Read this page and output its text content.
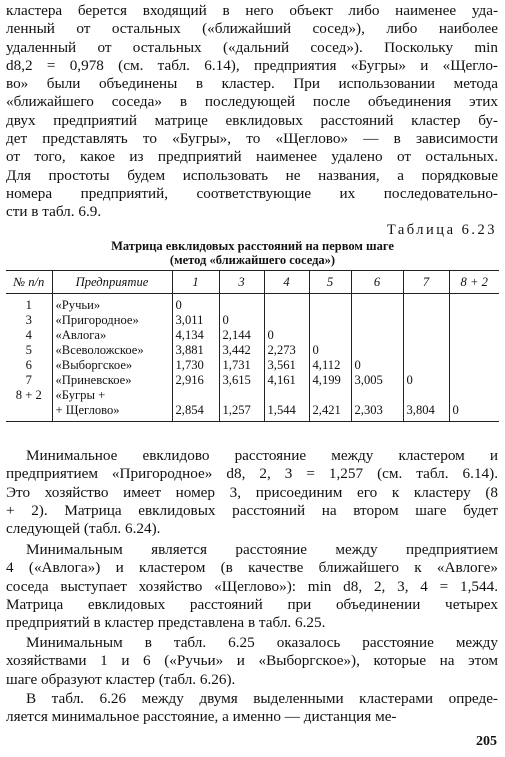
кластера берется входящий в него объект либо наименее уда-
ленный от остальных («ближайший сосед»), либо наиболее
удаленный от остальных («дальний сосед»). Поскольку min
d8,2 = 0,978 (см. табл. 6.14), предприятия «Бугры» и «Щегло-
во» были объединены в кластер. При использовании метода
«ближайшего соседа» в последующей после объединения этих
двух предприятий матрице евклидовых расстояний кластер бу-
дет представлять то «Бугры», то «Щеглово» — в зависимости
от того, какое из предприятий наименее удалено от остальных.
Для простоты будем использовать не названия, а порядковые
номера предприятий, соответствующие их последовательно-
сти в табл. 6.9.
Таблица 6.23
Матрица евклидовых расстояний на первом шаге
(метод «ближайшего соседа»)
№ п/п	Предприятие	1	3	4	5	6	7	8 + 2
1	«Ручьи»	0						
3	«Пригородное»	3,011	0					
4	«Авлога»	4,134	2,144	0				
5	«Всеволожское»	3,881	3,442	2,273	0			
6	«Выборгское»	1,730	1,731	3,561	4,112	0		
7	«Приневское»	2,916	3,615	4,161	4,199	3,005	0	
8 + 2	«Бугры +							
	+ Щеглово»	2,854	1,257	1,544	2,421	2,303	3,804	0
Минимальное евклидово расстояние между кластером и
предприятием «Пригородное» d8, 2, 3 = 1,257 (см. табл. 6.14).
Это хозяйство имеет номер 3, присоединим его к кластеру (8
+ 2). Матрица евклидовых расстояний на втором шаге будет
следующей (табл. 6.24).
Минимальным является расстояние между предприятием
4 («Авлога») и кластером (в качестве ближайшего к «Авлоге»
соседа выступает хозяйство «Щеглово»): min d8, 2, 3, 4 = 1,544.
Матрица евклидовых расстояний при объединении четырех
предприятий в кластер представлена в табл. 6.25.
Минимальным в табл. 6.25 оказалось расстояние между
хозяйствами 1 и 6 («Ручьи» и «Выборгское»), которые на этом
шаге образуют кластер (табл. 6.26).
В табл. 6.26 между двумя выделенными кластерами опреде-
ляется минимальное расстояние, а именно — дистанция ме-
205
